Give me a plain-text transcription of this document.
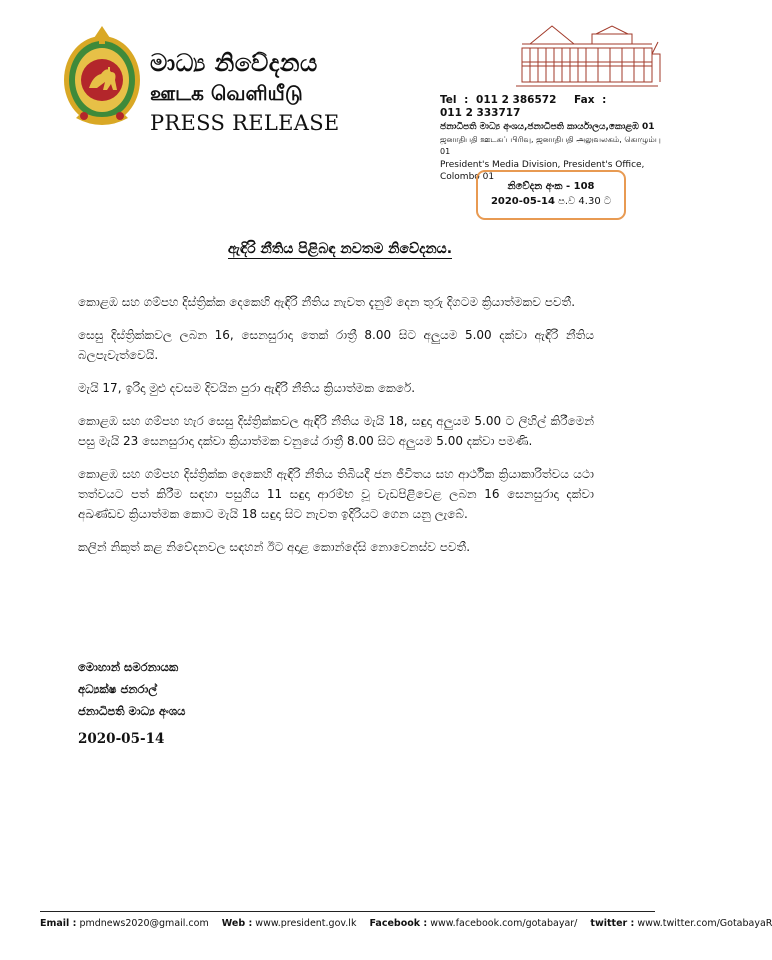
මාධ්‍ය නිවේදනය
ஊடக வெளியீடு
PRESS RELEASE
Tel : 011 2 386572 Fax : 011 2 333717
ජනාධිපති මාධ්‍ය අංශය,ජනාධිපති කාර්යාලය,කොළඹ 01
ஜனாதிபதி ஊடகப் பிரிவு, ஜனாதிபதி அலுவலகம், கொழும்பு 01
President's Media Division, President's Office, Colombo 01
නිවේදන අංක - 108
2020-05-14 ප.ව 4.30 ට
ඇඳිරි නීතිය පිළිබඳ නවතම නිවේදනය.

කොළඹ සහ ගම්පහ දිස්ත්‍රික්ක දෙකෙහි ඇඳිරි නීතිය නැවත දැනුම් දෙන තුරු දිගටම ක්‍රියාත්මකව පවතී.

සෙසු දිස්ත්‍රික්කවල ලබන 16, සෙනසුරාදා තෙක් රාත්‍රී 8.00 සිට අලුයම 5.00 දක්වා ඇඳිරි නීතිය බලපැවැත්වෙයි.

මැයි 17, ඉරිදා මුළු දවසම දිවයින පුරා ඇඳිරි නීතිය ක්‍රියාත්මක කෙරේ.

කොළඹ සහ ගම්පහ හැර සෙසු දිස්ත්‍රික්කවල ඇඳිරි නීතිය මැයි 18, සඳුදා අලුයම 5.00 ට ලිහිල් කිරීමෙන් පසු මැයි 23 සෙනසුරාදා දක්වා ක්‍රියාත්මක වනුයේ රාත්‍රී 8.00 සිට අලුයම 5.00 දක්වා පමණි.

කොළඹ සහ ගම්පහ දිස්ත්‍රික්ක දෙකෙහි ඇඳිරි නීතිය තිබියදී ජන ජීවිතය සහ ආර්ථික ක්‍රියාකාරිත්වය යථා තත්වයට පත් කිරීම සඳහා පසුගිය 11 සඳුදා ආරම්භ වූ වැඩපිළිවෙළ ලබන 16 සෙනසුරාදා දක්වා අඛණ්ඩව ක්‍රියාත්මක කොට මැයි 18 සඳුදා සිට නැවත ඉදිරියට ගෙන යනු ලැබේ.

කලින් නිකුත් කළ නිවේදනවල සඳහන් ඊට අදාළ කොන්දේසි නොවෙනස්ව පවතී.

මොහාන් සමරනායක
අධ්‍යක්ෂ ජනරාල්
ජනාධිපති මාධ්‍ය අංශය
2020-05-14
Email : pmdnews2020@gmail.com Web : www.president.gov.lk Facebook : www.facebook.com/gotabayar/ twitter : www.twitter.com/GotabayaR
